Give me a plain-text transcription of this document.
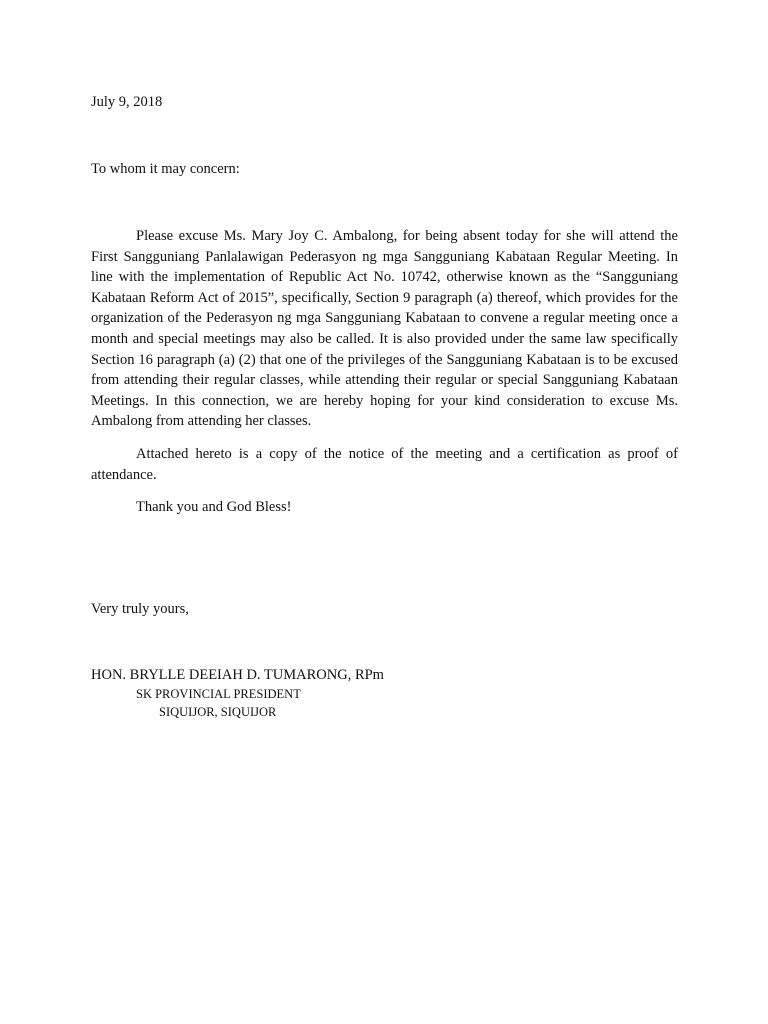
July 9, 2018
To whom it may concern:

Please excuse Ms. Mary Joy C. Ambalong, for being absent today for she will attend the First Sangguniang Panlalawigan Pederasyon ng mga Sangguniang Kabataan Regular Meeting. In line with the implementation of Republic Act No. 10742, otherwise known as the “Sangguniang Kabataan Reform Act of 2015”, specifically, Section 9 paragraph (a) thereof, which provides for the organization of the Pederasyon ng mga Sangguniang Kabataan to convene a regular meeting once a month and special meetings may also be called. It is also provided under the same law specifically Section 16 paragraph (a) (2) that one of the privileges of the Sangguniang Kabataan is to be excused from attending their regular classes, while attending their regular or special Sangguniang Kabataan Meetings. In this connection, we are hereby hoping for your kind consideration to excuse Ms. Ambalong from attending her classes.

Attached hereto is a copy of the notice of the meeting and a certification as proof of attendance.

Thank you and God Bless!

Very truly yours,
HON. BRYLLE DEEIAH D. TUMARONG, RPm
SK PROVINCIAL PRESIDENT
SIQUIJOR, SIQUIJOR
